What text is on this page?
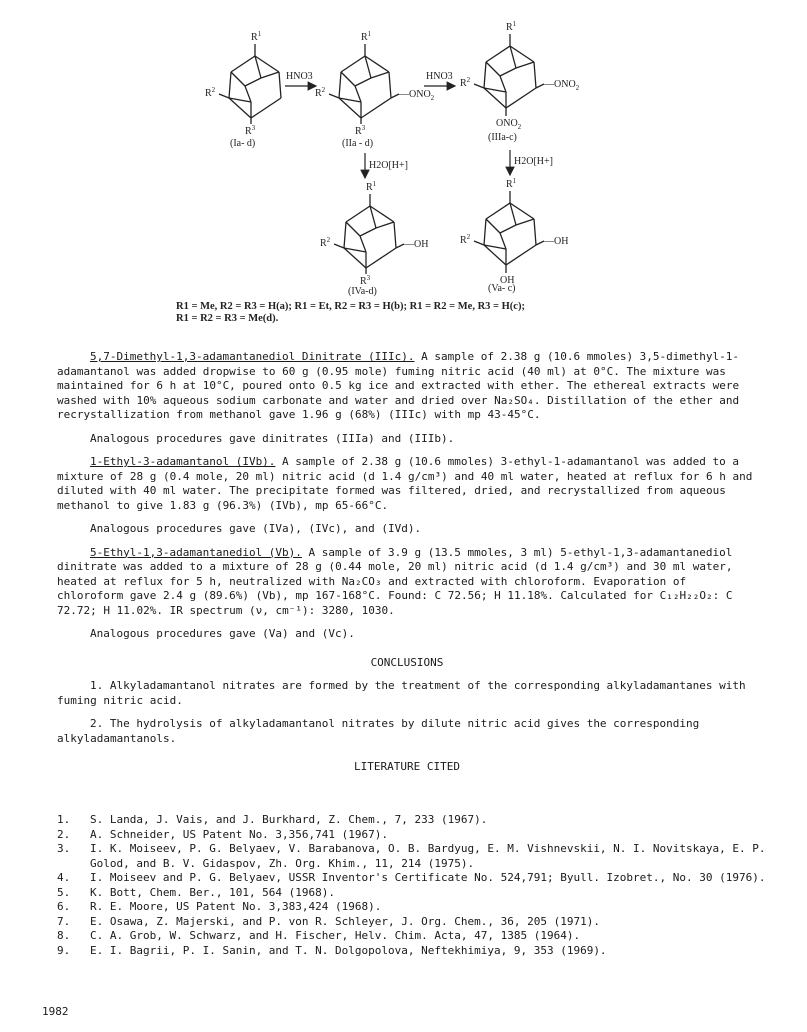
$R^1$
$R^2$
$R^3$
HNO3
$R^1$
$R^2$
$R^3$
$—ONO_2$
HNO3
$R^1$
$R^2$	$—ONO_2$
$ONO_2$
(Ia- d)	(IIa - d)
(IIIa-c)
H2O[H+]	H2O[H+]
$R^1$
$R^2$
$R^3$
—OH
$R^1$
$R^2$	—OH
OH
(IVa-d)	(Va- c)
R1 = Me, R2 = R3 = H(a); R1 = Et, R2 = R3 = H(b); R1 = R2 = Me, R3 = H(c);
R1 = R2 = R3 = Me(d).

5,7-Dimethyl-1,3-adamantanediol Dinitrate (IIIc). A sample of 2.38 g (10.6 mmoles) 3,5-dimethyl-1-adamantanol was added dropwise to 60 g (0.95 mole) fuming nitric acid (40 ml) at 0°C. The mixture was maintained for 6 h at 10°C, poured onto 0.5 kg ice and extracted with ether. The ethereal extracts were washed with 10% aqueous sodium carbonate and water and dried over Na₂SO₄. Distillation of the ether and recrystallization from methanol gave 1.96 g (68%) (IIIc) with mp 43-45°C.

Analogous procedures gave dinitrates (IIIa) and (IIIb).

1-Ethyl-3-adamantanol (IVb). A sample of 2.38 g (10.6 mmoles) 3-ethyl-1-adamantanol was added to a mixture of 28 g (0.4 mole, 20 ml) nitric acid (d 1.4 g/cm³) and 40 ml water, heated at reflux for 6 h and diluted with 40 ml water. The precipitate formed was filtered, dried, and recrystallized from aqueous methanol to give 1.83 g (96.3%) (IVb), mp 65-66°C.

Analogous procedures gave (IVa), (IVc), and (IVd).

5-Ethyl-1,3-adamantanediol (Vb). A sample of 3.9 g (13.5 mmoles, 3 ml) 5-ethyl-1,3-adamantanediol dinitrate was added to a mixture of 28 g (0.44 mole, 20 ml) nitric acid (d 1.4 g/cm³) and 30 ml water, heated at reflux for 5 h, neutralized with Na₂CO₃ and extracted with chloroform. Evaporation of chloroform gave 2.4 g (89.6%) (Vb), mp 167-168°C. Found: C 72.56; H 11.18%. Calculated for C₁₂H₂₂O₂: C 72.72; H 11.02%. IR spectrum (ν, cm⁻¹): 3280, 1030.

Analogous procedures gave (Va) and (Vc).

CONCLUSIONS

1. Alkyladamantanol nitrates are formed by the treatment of the corresponding alkyladamantanes with fuming nitric acid.

2. The hydrolysis of alkyladamantanol nitrates by dilute nitric acid gives the corresponding alkyladamantanols.

LITERATURE CITED

1.	S. Landa, J. Vais, and J. Burkhard, Z. Chem., 7, 233 (1967).
2.	A. Schneider, US Patent No. 3,356,741 (1967).
3.	I. K. Moiseev, P. G. Belyaev, V. Barabanova, O. B. Bardyug, E. M. Vishnevskii, N. I. Novitskaya, E. P. Golod, and B. V. Gidaspov, Zh. Org. Khim., 11, 214 (1975).
4.	I. Moiseev and P. G. Belyaev, USSR Inventor's Certificate No. 524,791; Byull. Izobret., No. 30 (1976).
5.	K. Bott, Chem. Ber., 101, 564 (1968).
6.	R. E. Moore, US Patent No. 3,383,424 (1968).
7.	E. Osawa, Z. Majerski, and P. von R. Schleyer, J. Org. Chem., 36, 205 (1971).
8.	C. A. Grob, W. Schwarz, and H. Fischer, Helv. Chim. Acta, 47, 1385 (1964).
9.	E. I. Bagrii, P. I. Sanin, and T. N. Dolgopolova, Neftekhimiya, 9, 353 (1969).
1982
